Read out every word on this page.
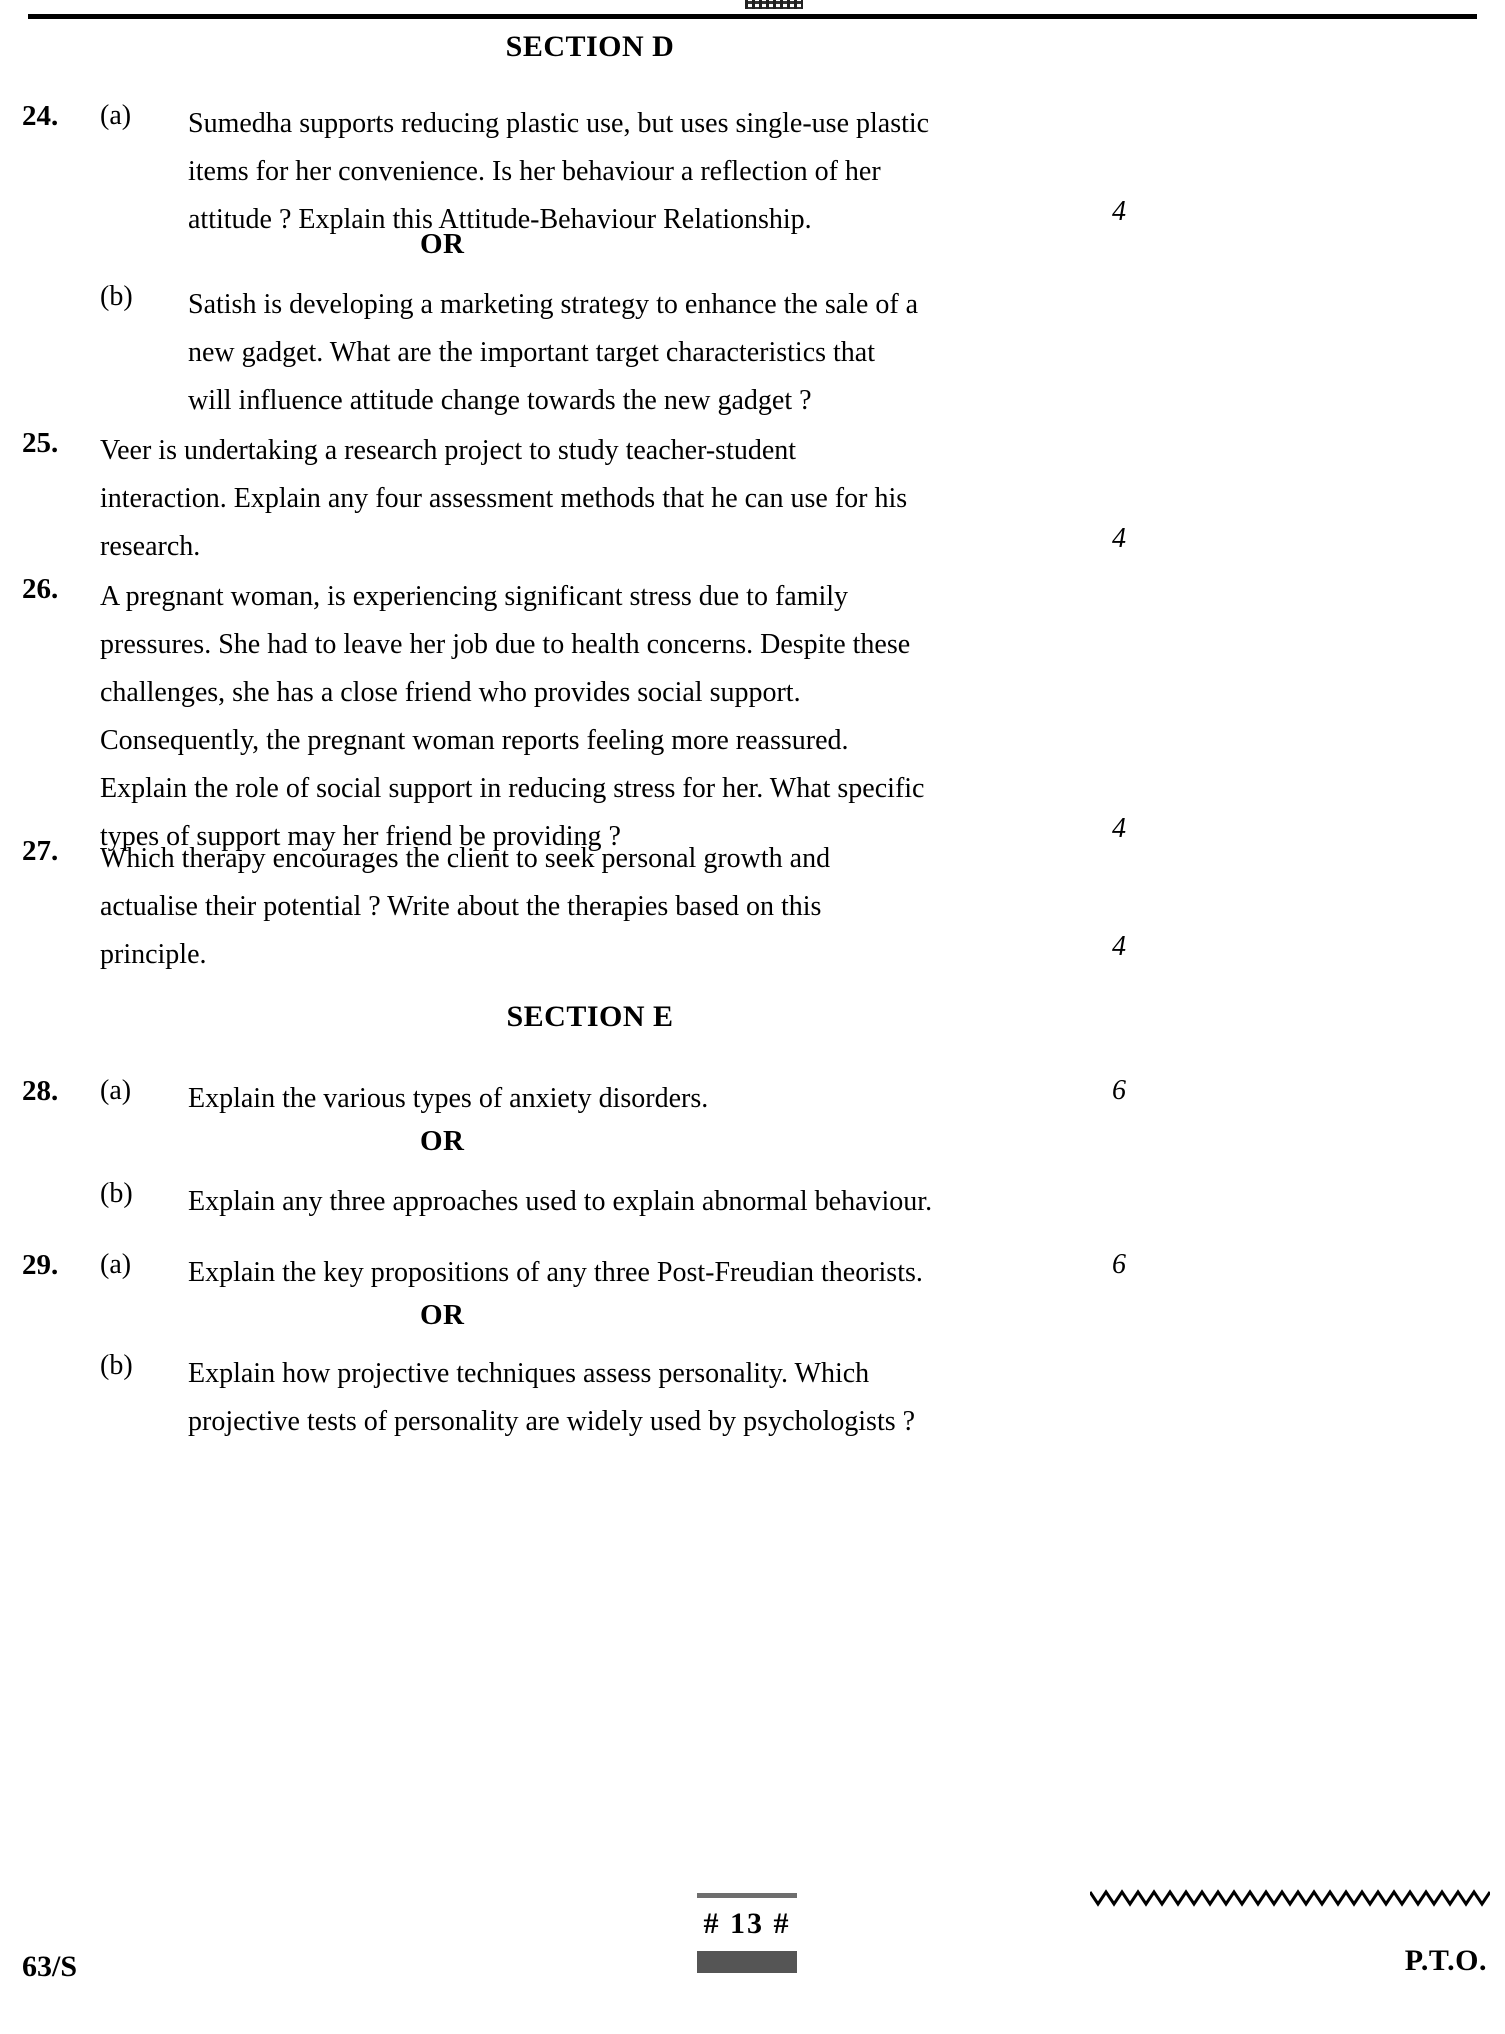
SECTION D
24.	(a)	Sumedha supports reducing plastic use, but uses single-use plastic
items for her convenience. Is her behaviour a reflection of her
attitude ? Explain this Attitude-Behaviour Relationship.	4
OR
(b)	Satish is developing a marketing strategy to enhance the sale of a
new gadget. What are the important target characteristics that
will influence attitude change towards the new gadget ?
25.	Veer is undertaking a research project to study teacher-student
interaction. Explain any four assessment methods that he can use for his
research.	4
26.	A pregnant woman, is experiencing significant stress due to family
pressures. She had to leave her job due to health concerns. Despite these
challenges, she has a close friend who provides social support.
Consequently, the pregnant woman reports feeling more reassured.
Explain the role of social support in reducing stress for her. What specific
types of support may her friend be providing ?	4
27.	Which therapy encourages the client to seek personal growth and
actualise their potential ? Write about the therapies based on this
principle.	4
SECTION E
28.	(a)	Explain the various types of anxiety disorders.	6
OR
(b)	Explain any three approaches used to explain abnormal behaviour.
29.	(a)	Explain the key propositions of any three Post-Freudian theorists.	6
OR
(b)	Explain how projective techniques assess personality. Which
projective tests of personality are widely used by psychologists ?
63/S
# 13 #
P.T.O.
